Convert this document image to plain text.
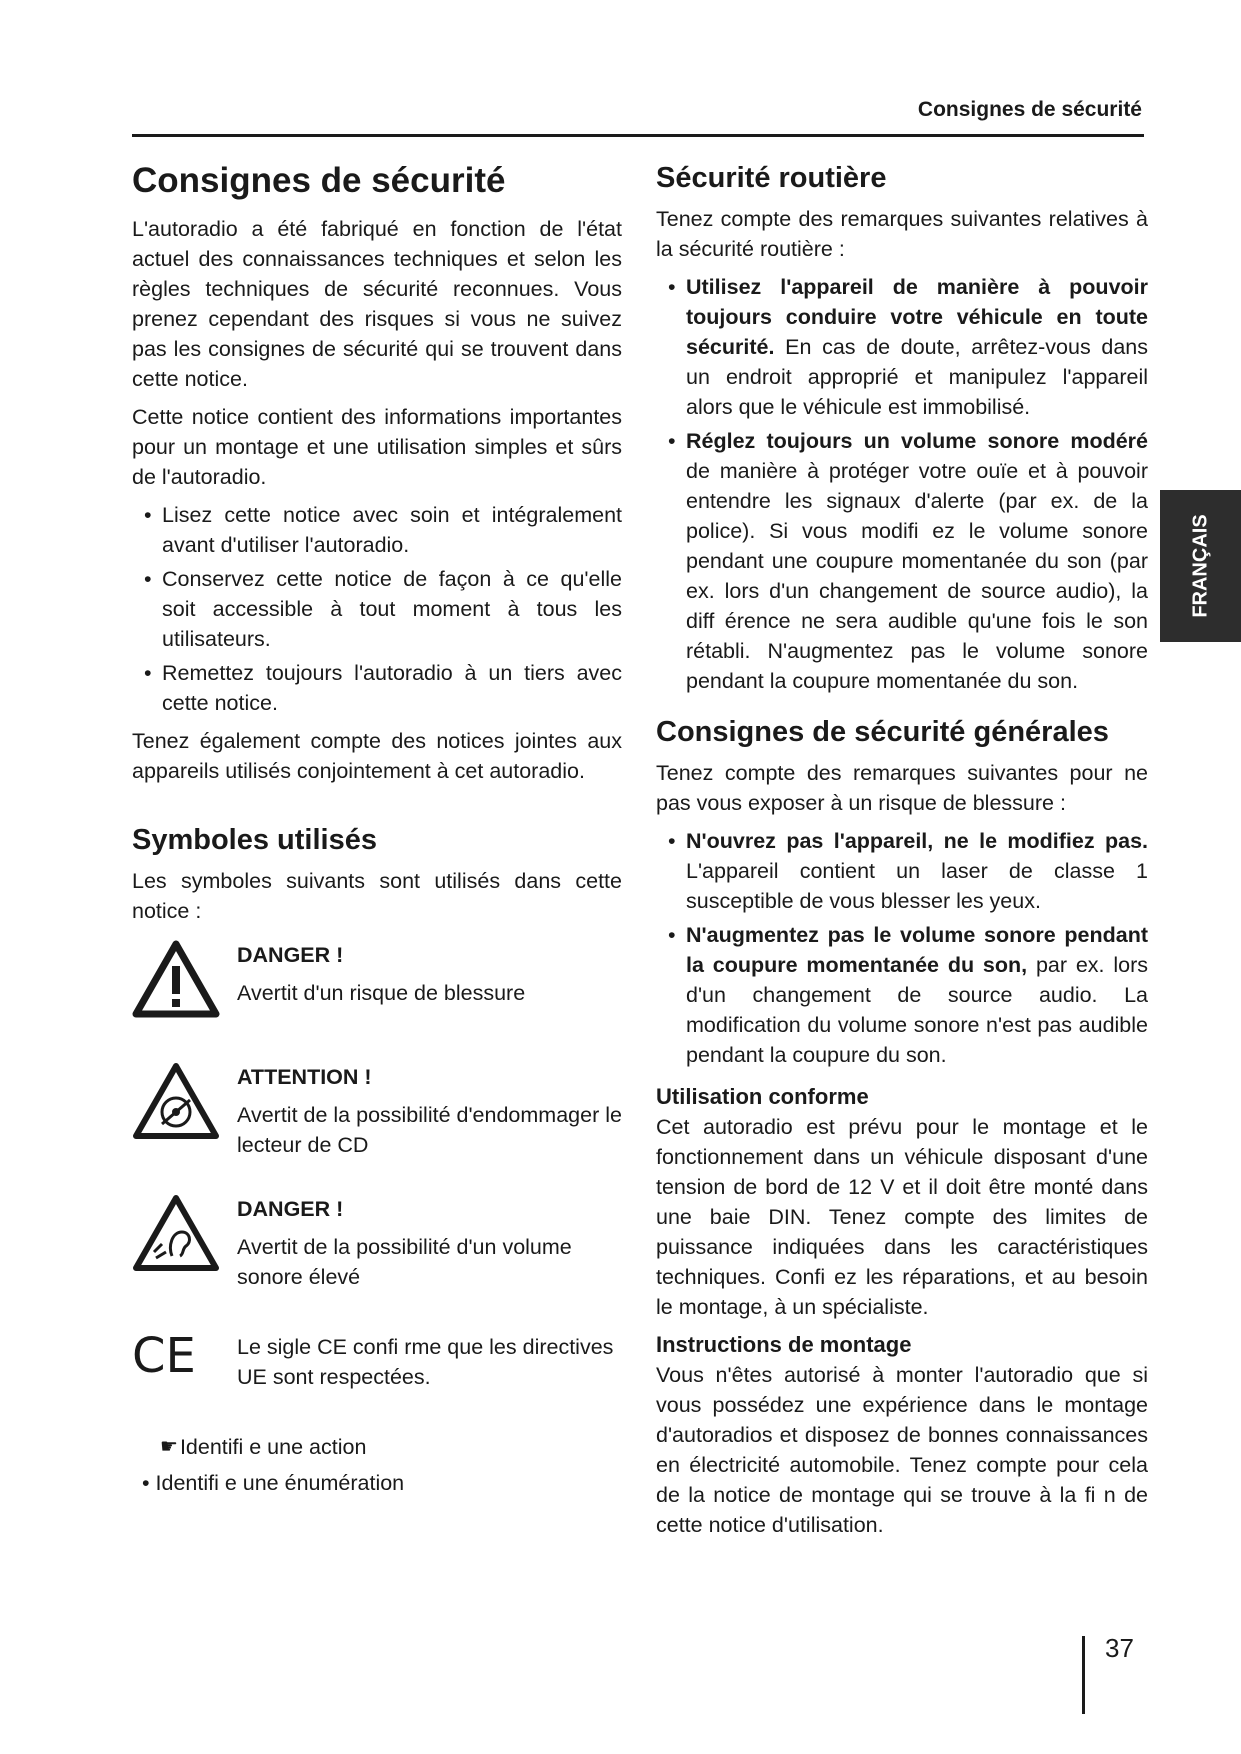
Consignes de sécurité
Consignes de sécurité

L'autoradio a été fabriqué en fonction de l'état actuel des connaissances techniques et selon les règles techniques de sécurité reconnues. Vous prenez cependant des risques si vous ne suivez pas les consignes de sécurité qui se trouvent dans cette notice.

Cette notice contient des informations importantes pour un montage et une utilisation simples et sûrs de l'autoradio.

• Lisez cette notice avec soin et intégralement avant d'utiliser l'autoradio.
• Conservez cette notice de façon à ce qu'elle soit accessible à tout moment à tous les utilisateurs.
• Remettez toujours l'autoradio à un tiers avec cette notice.

Tenez également compte des notices jointes aux appareils utilisés conjointement à cet autoradio.

Symboles utilisés

Les symboles suivants sont utilisés dans cette notice :

DANGER !
Avertit d'un risque de blessure
ATTENTION !
Avertit de la possibilité d'endommager le lecteur de CD
DANGER !
Avertit de la possibilité d'un volume sonore élevé
CE	Le sigle CE confi rme que les directives UE sont respectées.
☛ Identifi e une action
• Identifi e une énumération
Sécurité routière

Tenez compte des remarques suivantes relatives à la sécurité routière :

• Utilisez l'appareil de manière à pouvoir toujours conduire votre véhicule en toute sécurité. En cas de doute, arrêtez-vous dans un endroit approprié et manipulez l'appareil alors que le véhicule est immobilisé.
• Réglez toujours un volume sonore modéré de manière à protéger votre ouïe et à pouvoir entendre les signaux d'alerte (par ex. de la police). Si vous modifi ez le volume sonore pendant une coupure momentanée du son (par ex. lors d'un changement de source audio), la diff érence ne sera audible qu'une fois le son rétabli. N'augmentez pas le volume sonore pendant la coupure momentanée du son.
Consignes de sécurité générales

Tenez compte des remarques suivantes pour ne pas vous exposer à un risque de blessure :

• N'ouvrez pas l'appareil, ne le modifiez pas. L'appareil contient un laser de classe 1 susceptible de vous blesser les yeux.
• N'augmentez pas le volume sonore pendant la coupure momentanée du son, par ex. lors d'un changement de source audio. La modification du volume sonore n'est pas audible pendant la coupure du son.
Utilisation conforme

Cet autoradio est prévu pour le montage et le fonctionnement dans un véhicule disposant d'une tension de bord de 12 V et il doit être monté dans une baie DIN. Tenez compte des limites de puissance indiquées dans les caractéristiques techniques. Confi ez les réparations, et au besoin le montage, à un spécialiste.

Instructions de montage

Vous n'êtes autorisé à monter l'autoradio que si vous possédez une expérience dans le montage d'autoradios et disposez de bonnes connaissances en électricité automobile. Tenez compte pour cela de la notice de montage qui se trouve à la fi n de cette notice d'utilisation.

FRANÇAIS
37
